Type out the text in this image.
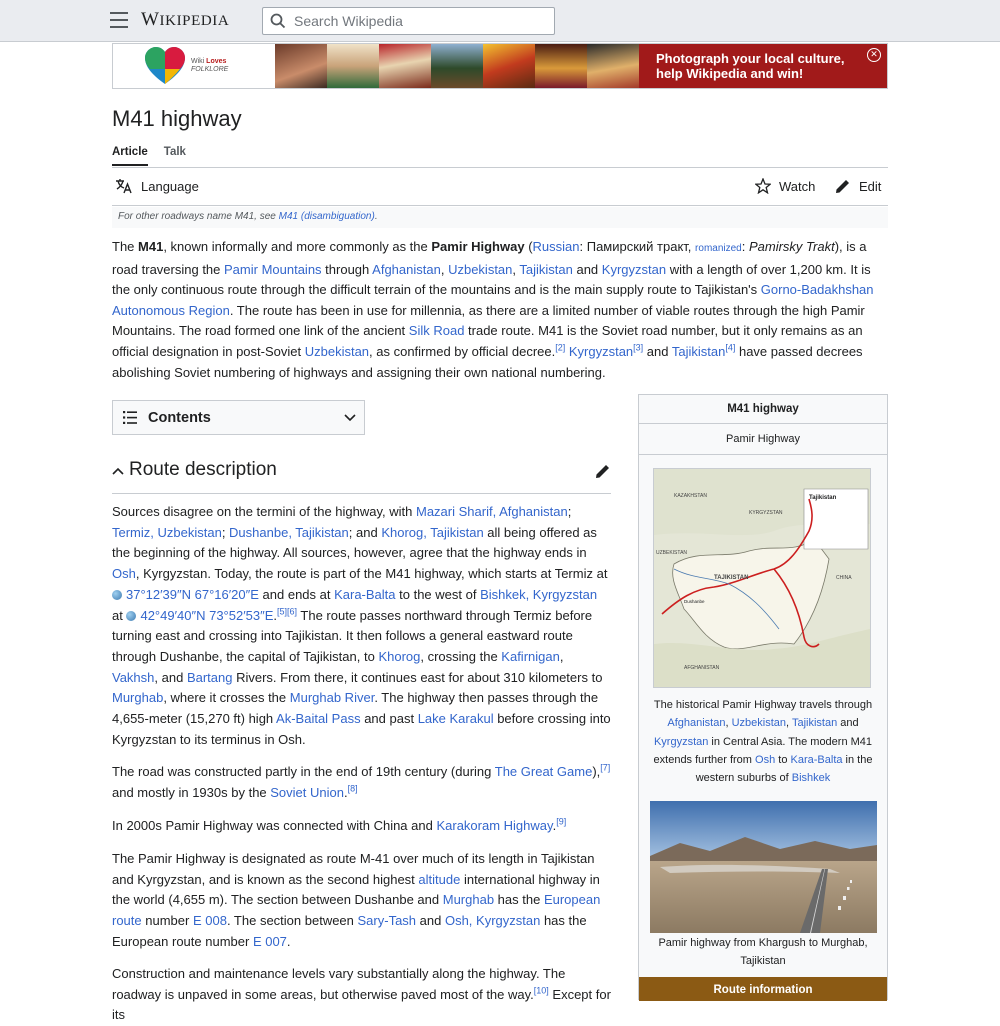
WIKIPEDIA
Search Wikipedia
Wiki Loves
FOLKLORE
Photograph your local culture,
help Wikipedia and win!
✕
M41 highway
Article Talk
Language	Watch	Edit
For other roadways name M41, see M41 (disambiguation).

The M41, known informally and more commonly as the Pamir Highway (Russian: Памирский тракт, romanized: Pamirsky Trakt), is a road traversing the Pamir Mountains through Afghanistan, Uzbekistan, Tajikistan and Kyrgyzstan with a length of over 1,200 km. It is the only continuous route through the difficult terrain of the mountains and is the main supply route to Tajikistan's Gorno-Badakhshan Autonomous Region. The route has been in use for millennia, as there are a limited number of viable routes through the high Pamir Mountains. The road formed one link of the ancient Silk Road trade route. M41 is the Soviet road number, but it only remains as an official designation in post-Soviet Uzbekistan, as confirmed by official decree.[2] Kyrgyzstan[3] and Tajikistan[4] have passed decrees abolishing Soviet numbering of highways and assigning their own national numbering.

Contents
Route description

Sources disagree on the termini of the highway, with Mazari Sharif, Afghanistan; Termiz, Uzbekistan; Dushanbe, Tajikistan; and Khorog, Tajikistan all being offered as the beginning of the highway. All sources, however, agree that the highway ends in Osh, Kyrgyzstan. Today, the route is part of the M41 highway, which starts at Termiz at 37°12′39″N 67°16′20″E and ends at Kara-Balta to the west of Bishkek, Kyrgyzstan at 42°49′40″N 73°52′53″E.[5][6] The route passes northward through Termiz before turning east and crossing into Tajikistan. It then follows a general eastward route through Dushanbe, the capital of Tajikistan, to Khorog, crossing the Kafirnigan, Vakhsh, and Bartang Rivers. From there, it continues east for about 310 kilometers to Murghab, where it crosses the Murghab River. The highway then passes through the 4,655-meter (15,270 ft) high Ak-Baital Pass and past Lake Karakul before crossing into Kyrgyzstan to its terminus in Osh.

The road was constructed partly in the end of 19th century (during The Great Game),[7] and mostly in 1930s by the Soviet Union.[8]

In 2000s Pamir Highway was connected with China and Karakoram Highway.[9]

The Pamir Highway is designated as route M-41 over much of its length in Tajikistan and Kyrgyzstan, and is known as the second highest altitude international highway in the world (4,655 m). The section between Dushanbe and Murghab has the European route number E 008. The section between Sary-Tash and Osh, Kyrgyzstan has the European route number E 007.

Construction and maintenance levels vary substantially along the highway. The roadway is unpaved in some areas, but otherwise paved most of the way.[10] Except for its

M41 highway
Pamir Highway
Tajikistan
KAZAKHSTAN
UZBEKISTAN
KYRGYZSTAN
CHINA
TAJIKISTAN
AFGHANISTAN
Dushanbe
The historical Pamir Highway travels through Afghanistan, Uzbekistan, Tajikistan and Kyrgyzstan in Central Asia. The modern M41 extends further from Osh to Kara-Balta in the western suburbs of Bishkek
Pamir highway from Khargush to Murghab, Tajikistan
Route information
